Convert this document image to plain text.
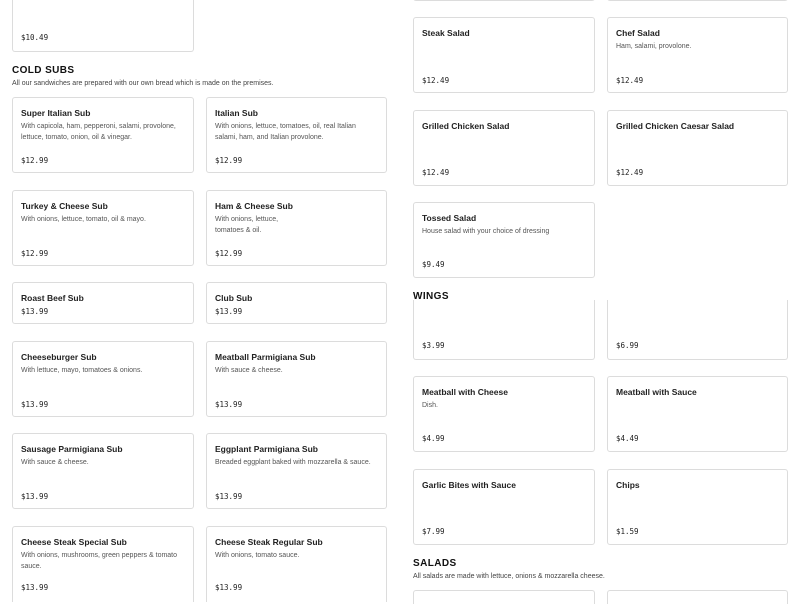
$10.49
COLD SUBS
All our sandwiches are prepared with our own bread which is made on the premises.
Super Italian Sub
With capicola, ham, pepperoni, salami, provolone, lettuce, tomato, onion, oil & vinegar.
$12.99
Italian Sub
With onions, lettuce, tomatoes, oil, real Italian salami, ham, and Italian provolone.
$12.99
Turkey & Cheese Sub
With onions, lettuce, tomato, oil & mayo.
$12.99
Ham & Cheese Sub
With onions, lettuce, tomatoes & oil.
$12.99
Roast Beef Sub
$13.99
Club Sub
$13.99
Cheeseburger Sub
With lettuce, mayo, tomatoes & onions.
$13.99
Meatball Parmigiana Sub
With sauce & cheese.
$13.99
Sausage Parmigiana Sub
With sauce & cheese.
$13.99
Eggplant Parmigiana Sub
Breaded eggplant baked with mozzarella & sauce.
$13.99
Cheese Steak Special Sub
With onions, mushrooms, green peppers & tomato sauce.
$13.99
Cheese Steak Regular Sub
With onions, tomato sauce.
$13.99
Steak Salad
$12.49
Chef Salad
Ham, salami, provolone.
$12.49
Grilled Chicken Salad
$12.49
Grilled Chicken Caesar Salad
$12.49
Tossed Salad
House salad with your choice of dressing
$9.49
$3.99	$6.99
WINGS
Meatball with Cheese
Dish.
$4.99
Meatball with Sauce
$4.49
Garlic Bites with Sauce
$7.99
Chips
$1.59
SALADS
All salads are made with lettuce, onions & mozzarella cheese.
